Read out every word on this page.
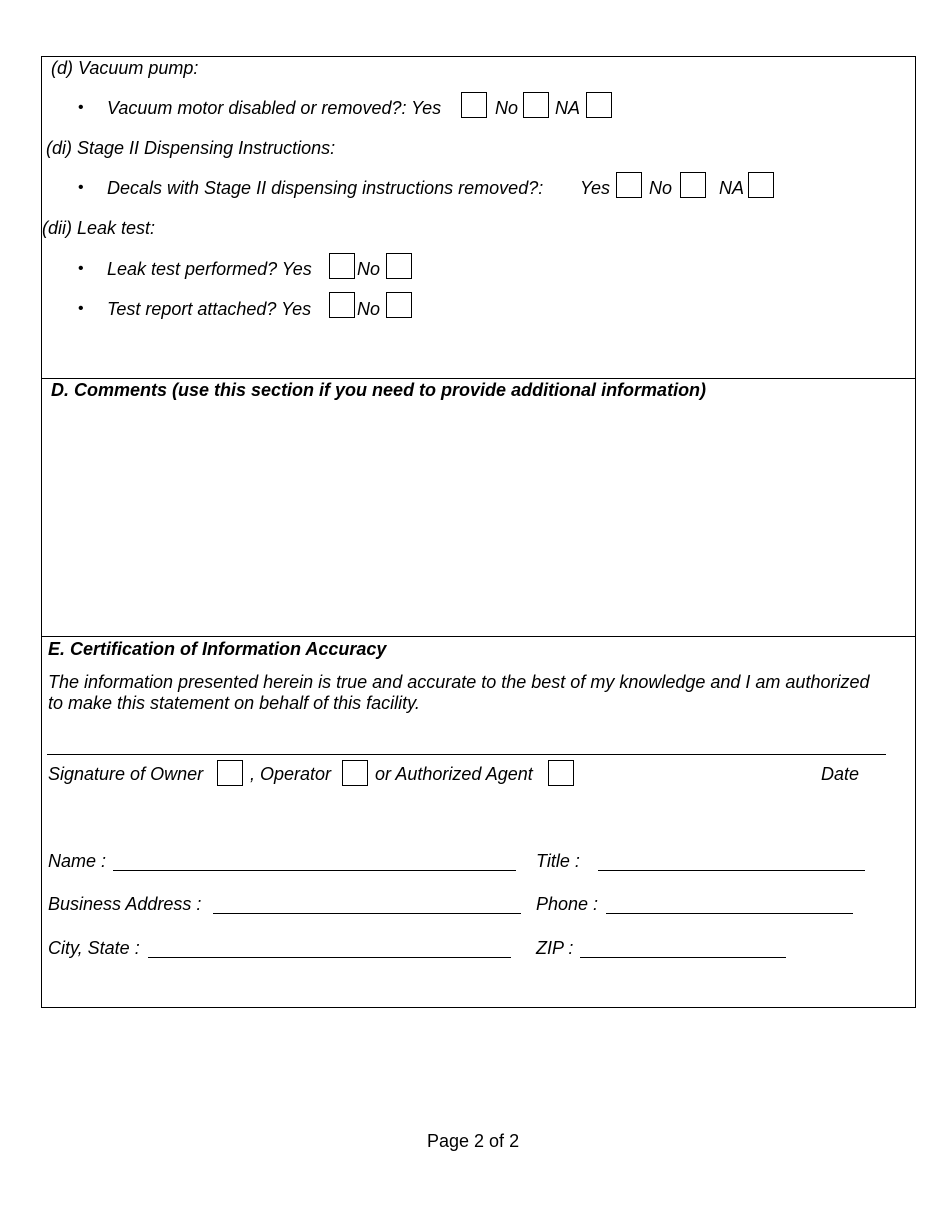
(d) Vacuum pump:
• Vacuum motor disabled or removed?: Yes	No NA
(di) Stage II Dispensing Instructions:
• Decals with Stage II dispensing instructions removed?: Yes No	NA
(dii) Leak test:
• Leak test performed? Yes	No
• Test report attached? Yes	No
D. Comments (use this section if you need to provide additional information)
E. Certification of Information Accuracy
The information presented herein is true and accurate to the best of my knowledge and I am authorized
to make this statement on behalf of this facility.
Signature of Owner	, Operator or Authorized Agent	Date
Name :	Title :
Business Address :	Phone :
City, State :	ZIP :
Page 2 of 2
